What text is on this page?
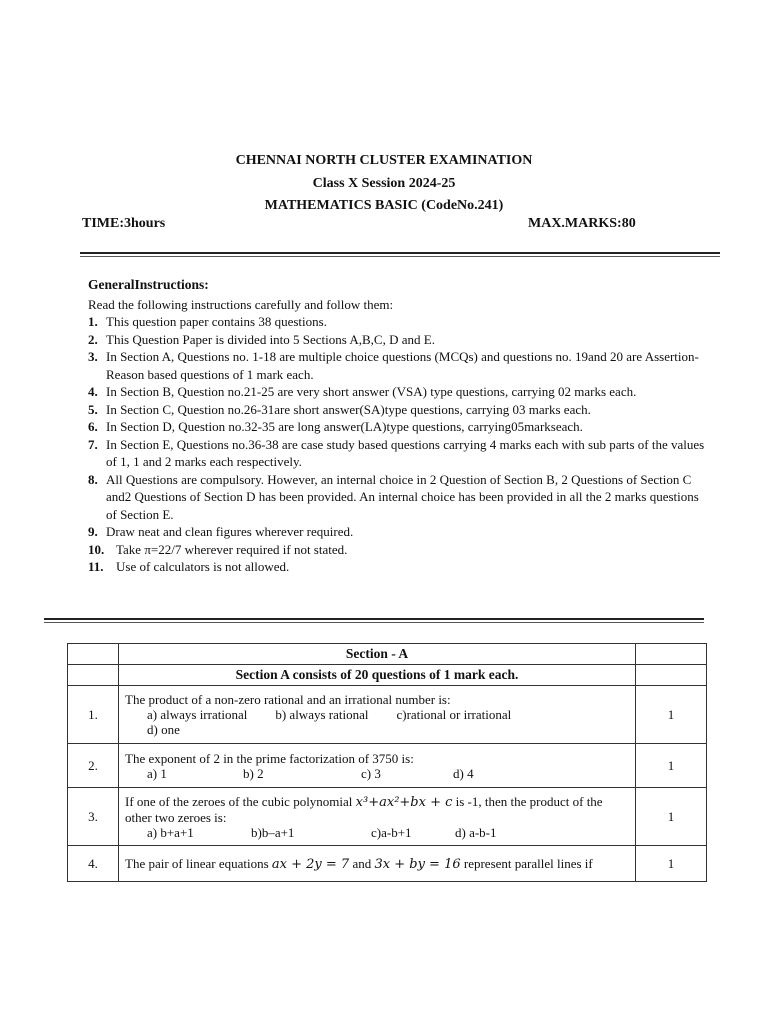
CHENNAI NORTH CLUSTER EXAMINATION
Class X Session 2024-25
MATHEMATICS BASIC (CodeNo.241)
TIME:3hours	MAX.MARKS:80
GeneralInstructions:
Read the following instructions carefully and follow them:
1. This question paper contains 38 questions.
2. This Question Paper is divided into 5 Sections A,B,C, D and E.
3. In Section A, Questions no. 1-18 are multiple choice questions (MCQs) and questions no. 19and 20 are Assertion- Reason based questions of 1 mark each.
4. In Section B, Question no.21-25 are very short answer (VSA) type questions, carrying 02 marks each.
5. In Section C, Question no.26-31are short answer(SA)type questions, carrying 03 marks each.
6. In Section D, Question no.32-35 are long answer(LA)type questions, carrying05markseach.
7. In Section E, Questions no.36-38 are case study based questions carrying 4 marks each with sub parts of the values of 1, 1 and 2 marks each respectively.
8. All Questions are compulsory. However, an internal choice in 2 Question of Section B, 2 Questions of Section C and2 Questions of Section D has been provided. An internal choice has been provided in all the 2 marks questions of Section E.
9. Draw neat and clean figures wherever required.
10. Take π=22/7 wherever required if not stated.
11. Use of calculators is not allowed.
	Section - A	
	Section A consists of 20 questions of 1 mark each.	
1.	The product of a non-zero rational and an irrational number is:
a) always irrational b) always rational c)rational or irrational
d) one	1
2.	The exponent of 2 in the prime factorization of 3750 is:
a) 1 b) 2 c) 3 d) 4	1
3.	If one of the zeroes of the cubic polynomial x³+ax²+bx + c is -1, then the product of the other two zeroes is:
a) b+a+1 b)b–a+1 c)a-b+1 d) a-b-1	1
4.	The pair of linear equations ax + 2y = 7 and 3x + by = 16 represent parallel lines if	1
